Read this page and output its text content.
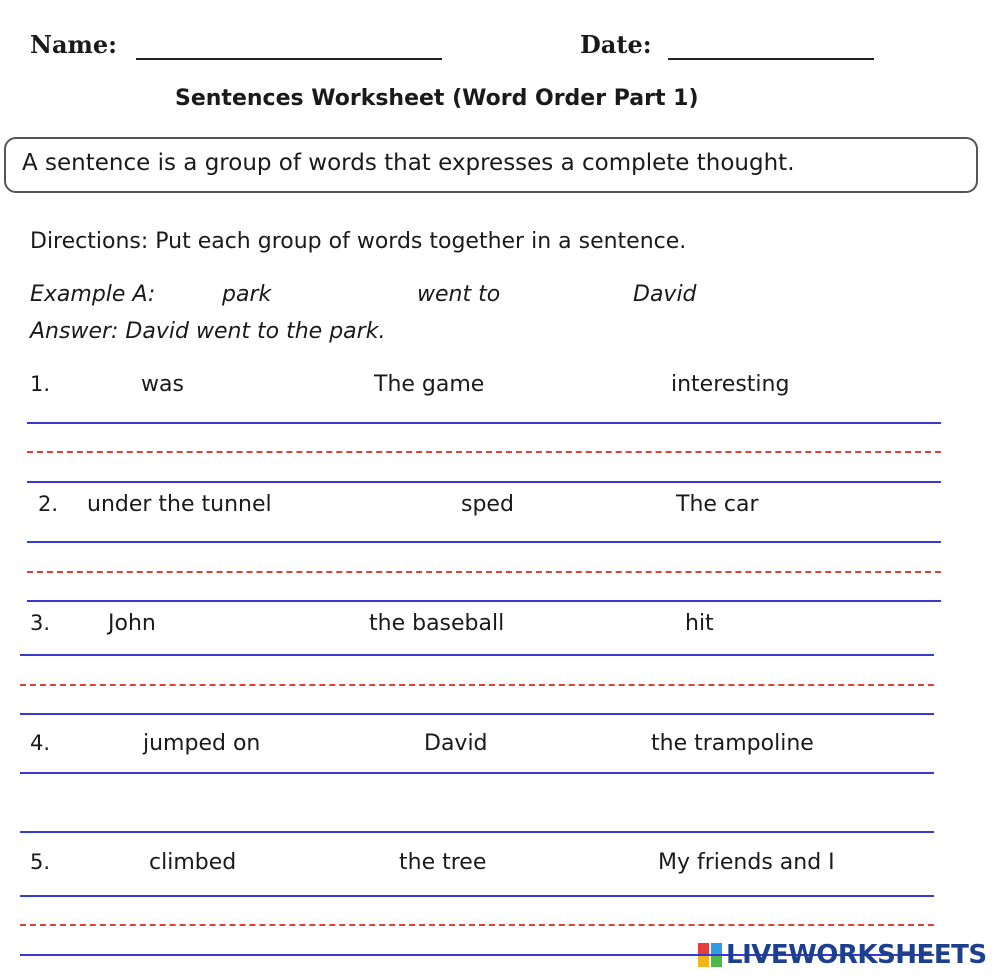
Name:	Date:
Sentences Worksheet (Word Order Part 1)
A sentence is a group of words that expresses a complete thought.
Directions: Put each group of words together in a sentence.
Example A:	park	went to	David
Answer: David went to the park.
1.	was	The game	interesting
2. under the tunnel	sped	The car
3.	John	the baseball	hit
4.	jumped on	David	the trampoline
5.	climbed	the tree	My friends and I
LIVEWORKSHEETS
